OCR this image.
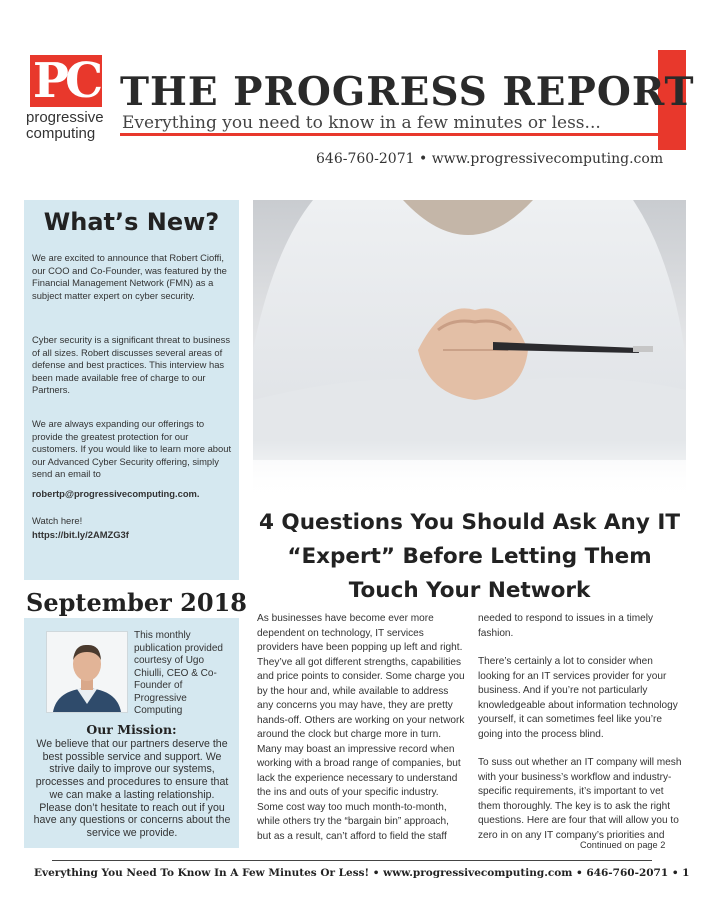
PC
progressive
computing
THE PROGRESS REPORT
Everything you need to know in a few minutes or less...
646-760-2071 • www.progressivecomputing.com
What’s New?
We are excited to announce that Robert Cioffi, our COO and Co-Founder, was featured by the Financial Management Network (FMN) as a subject matter expert on cyber security.
Cyber security is a significant threat to business of all sizes. Robert discusses several areas of defense and best practices. This interview has been made available free of charge to our Partners.
We are always expanding our offerings to provide the greatest protection for our customers. If you would like to learn more about our Advanced Cyber Security offering, simply send an email to
robertp@progressivecomputing.com.
Watch here!
https://bit.ly/2AMZG3f
September 2018
This monthly publication provided courtesy of Ugo Chiulli, CEO & Co-Founder of Progressive Computing
Our Mission:
We believe that our partners deserve the best possible service and support. We strive daily to improve our systems, processes and procedures to ensure that we can make a lasting relationship. Please don’t hesitate to reach out if you have any questions or concerns about the service we provide.
4 Questions You Should Ask Any IT “Expert” Before Letting Them Touch Your Network

As businesses have become ever more dependent on technology, IT services providers have been popping up left and right. They’ve all got different strengths, capabilities and price points to consider. Some charge you by the hour and, while available to address any concerns you may have, they are pretty hands-off. Others are working on your network around the clock but charge more in turn. Many may boast an impressive record when working with a broad range of companies, but lack the experience necessary to understand the ins and outs of your specific industry. Some cost way too much month-to-month, while others try the “bargain bin” approach, but as a result, can’t afford to field the staff

needed to respond to issues in a timely fashion.

There’s certainly a lot to consider when looking for an IT services provider for your business. And if you’re not particularly knowledgeable about information technology yourself, it can sometimes feel like you’re going into the process blind.

To suss out whether an IT company will mesh with your business’s workflow and industry-specific requirements, it’s important to vet them thoroughly. The key is to ask the right questions. Here are four that will allow you to zero in on any IT company’s priorities and

Continued on page 2
Everything You Need To Know In A Few Minutes Or Less! • www.progressivecomputing.com • 646-760-2071 • 1
